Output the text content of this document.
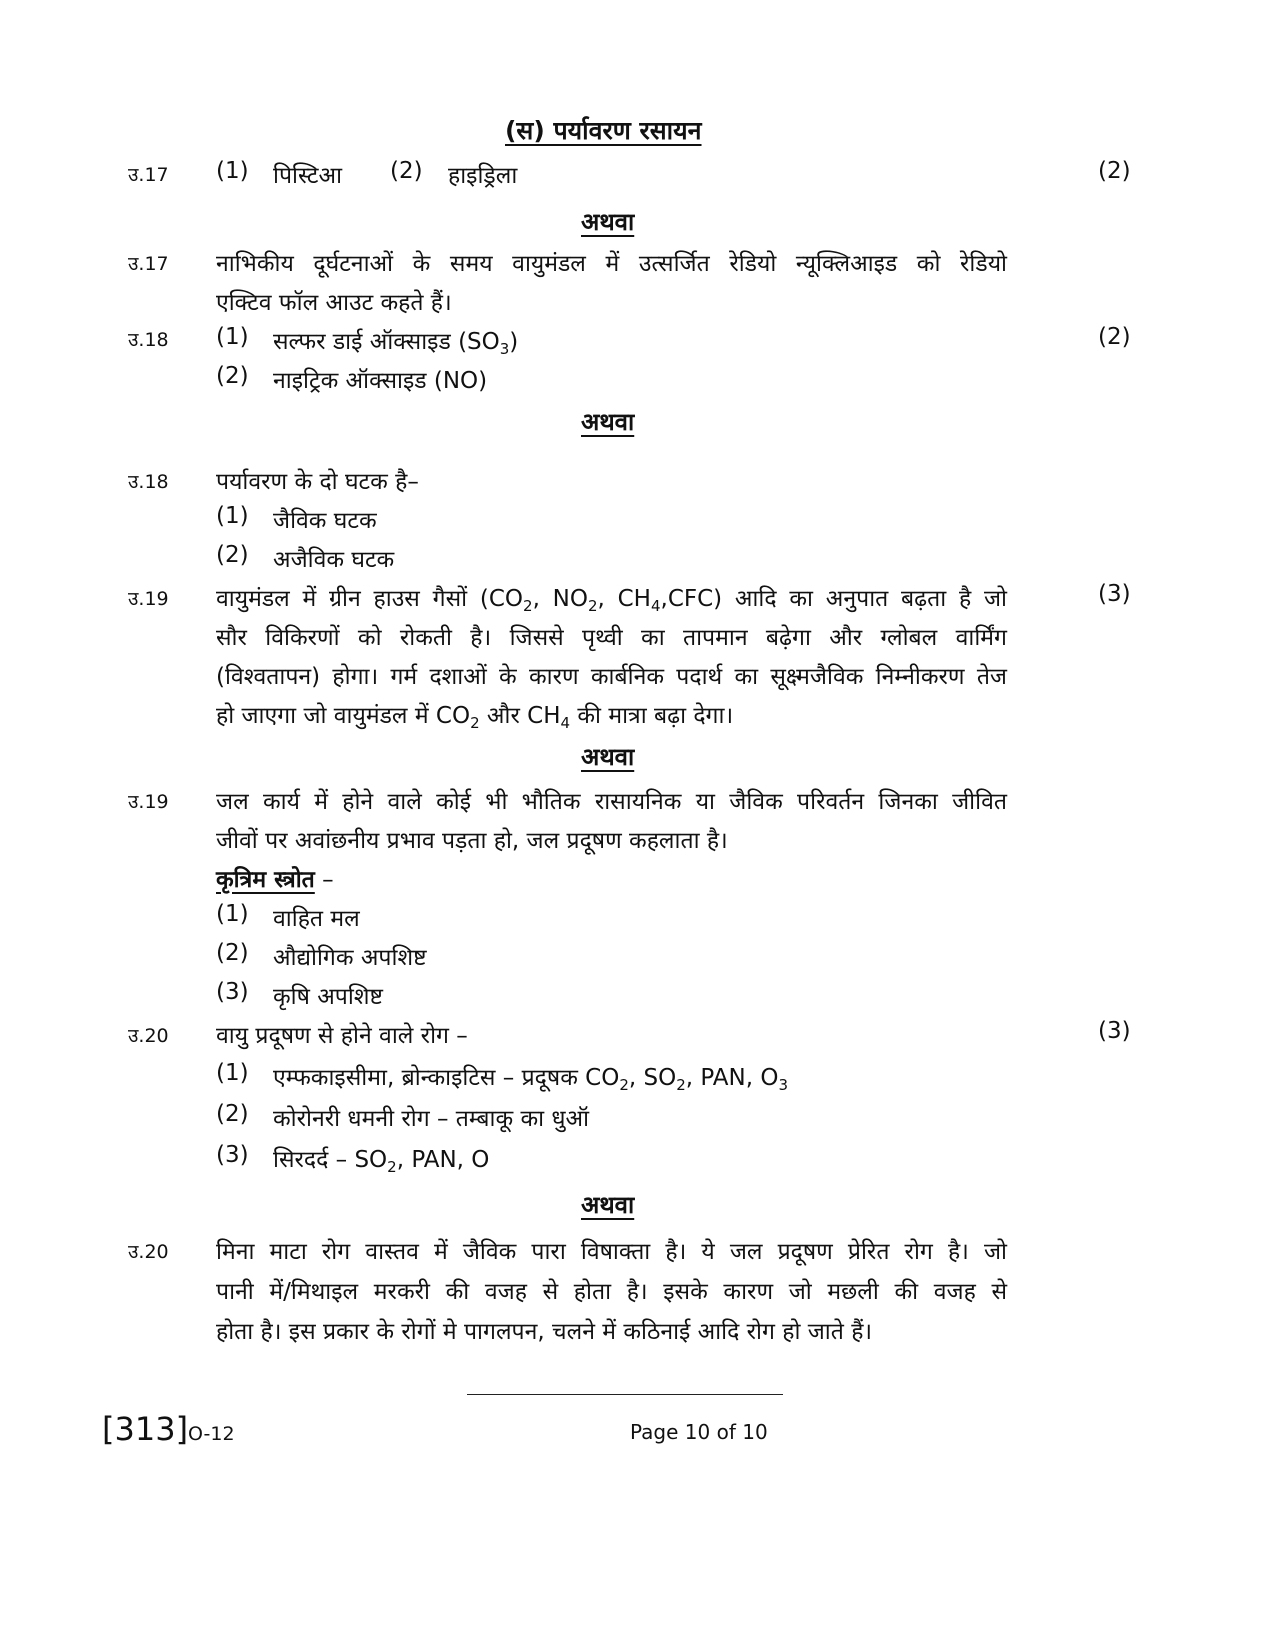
(स) पर्यावरण रसायन
उ.17 (1) पिस्टिआ (2) हाइड्रिला	(2)
अथवा
उ.17 नाभिकीय दूर्घटनाओं के समय वायुमंडल में उत्सर्जित रेडियो न्यूक्लिआइड को रेडियो
एक्टिव फॉल आउट कहते हैं।
उ.18 (1) सल्फर डाई ऑक्साइड $(SO_3)$	(2)
(2) नाइट्रिक ऑक्साइड (NO)
अथवा
उ.18 पर्यावरण के दो घटक है–
(1) जैविक घटक
(2) अजैविक घटक
उ.19 वायुमंडल में ग्रीन हाउस गैसों ($CO_2$, $NO_2$, $CH_4,CFC$) आदि का अनुपात बढ़ता है जो	(3)
सौर विकिरणों को रोकती है। जिससे पृथ्वी का तापमान बढ़ेगा और ग्लोबल वार्मिंग
(विश्वतापन) होगा। गर्म दशाओं के कारण कार्बनिक पदार्थ का सूक्ष्मजैविक निम्नीकरण तेज
हो जाएगा जो वायुमंडल में $CO_2$ और $CH_4$ की मात्रा बढ़ा देगा।
अथवा
उ.19 जल कार्य में होने वाले कोई भी भौतिक रासायनिक या जैविक परिवर्तन जिनका जीवित
जीवों पर अवांछनीय प्रभाव पड़ता हो, जल प्रदूषण कहलाता है।
कृत्रिम स्त्रोत –
(1) वाहित मल
(2) औद्योगिक अपशिष्ट
(3) कृषि अपशिष्ट
उ.20 वायु प्रदूषण से होने वाले रोग –	(3)
(1) एम्फकाइसीमा, ब्रोन्काइटिस – प्रदूषक $CO_2$, $SO_2$, PAN, $O_3$
(2) कोरोनरी धमनी रोग – तम्बाकू का धुऑ
(3) सिरदर्द – $SO_2$, PAN, O
अथवा
उ.20 मिना माटा रोग वास्तव में जैविक पारा विषाक्ता है। ये जल प्रदूषण प्रेरित रोग है। जो
पानी में/मिथाइल मरकरी की वजह से होता है। इसके कारण जो मछली की वजह से
होता है। इस प्रकार के रोगों मे पागलपन, चलने में कठिनाई आदि रोग हो जाते हैं।
[313]O-12	Page 10 of 10
